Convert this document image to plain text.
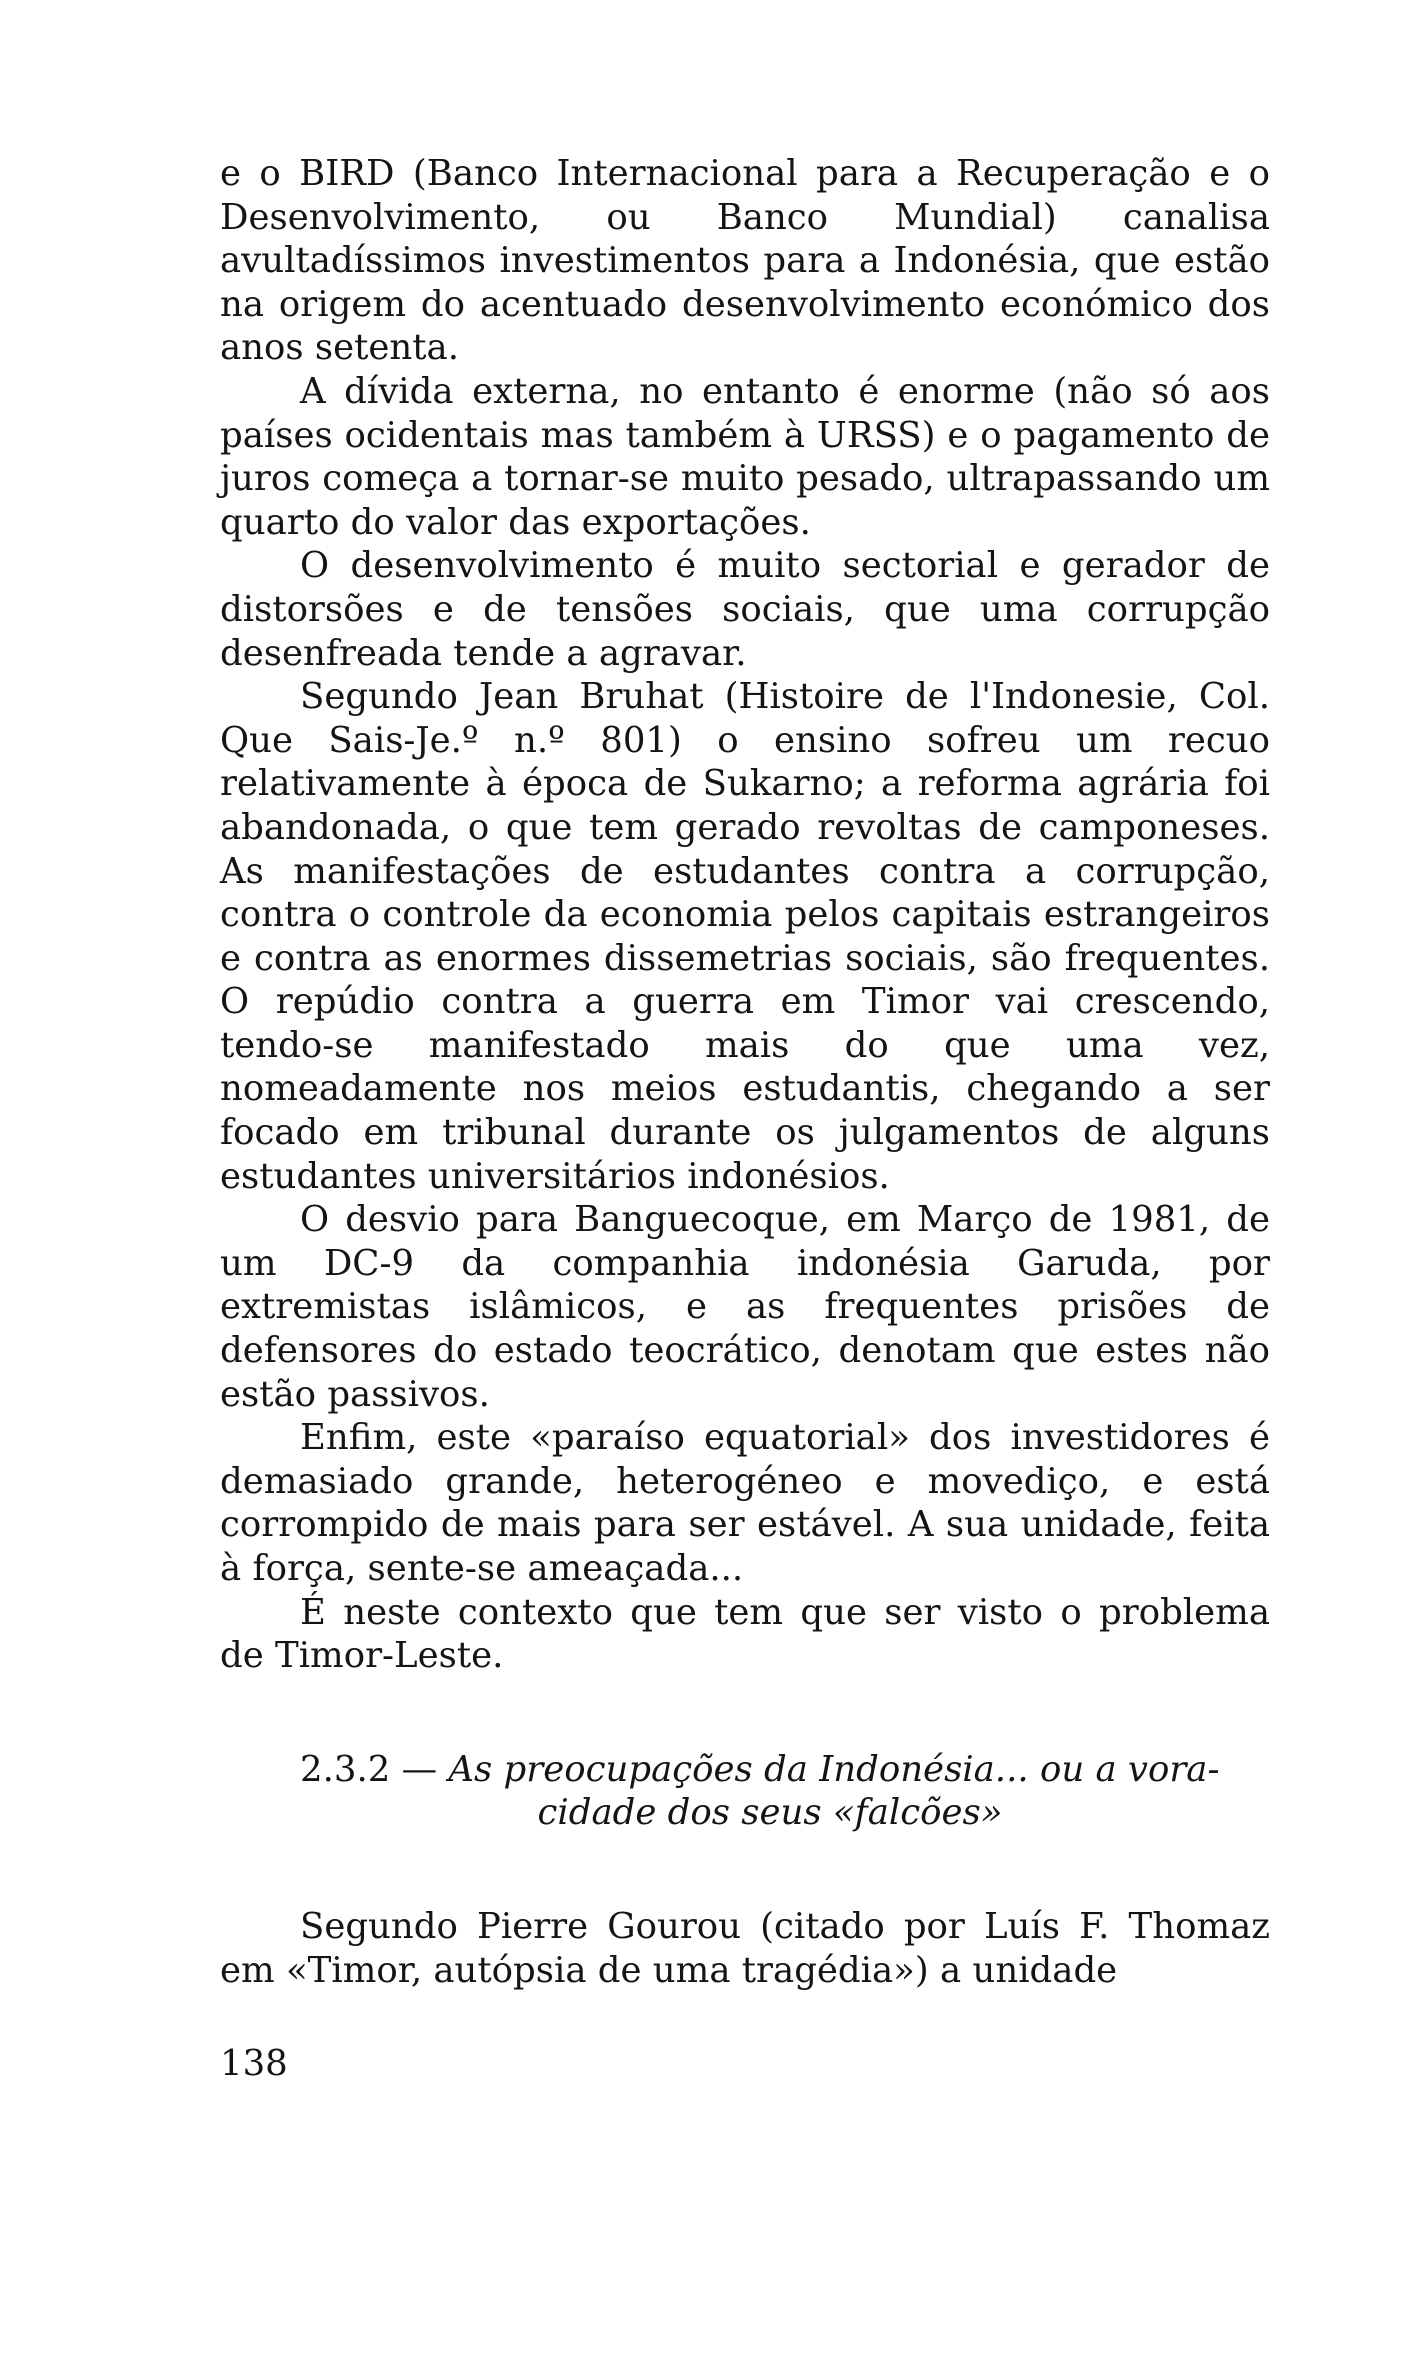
e o BIRD (Banco Internacional para a Recuperação e o Desenvolvimento, ou Banco Mundial) canalisa avultadíssimos investimentos para a Indonésia, que estão na origem do acentuado desenvolvimento económico dos anos setenta.

A dívida externa, no entanto é enorme (não só aos países ocidentais mas também à URSS) e o pagamento de juros começa a tornar-se muito pesado, ultrapassando um quarto do valor das exportações.

O desenvolvimento é muito sectorial e gerador de distorsões e de tensões sociais, que uma corrupção desenfreada tende a agravar.

Segundo Jean Bruhat (Histoire de l'Indonesie, Col. Que Sais-Je.º n.º 801) o ensino sofreu um recuo relativamente à época de Sukarno; a reforma agrária foi abandonada, o que tem gerado revoltas de camponeses. As manifestações de estudantes contra a corrupção, contra o controle da economia pelos capitais estrangeiros e contra as enormes dissemetrias sociais, são frequentes. O repúdio contra a guerra em Timor vai crescendo, tendo-se manifestado mais do que uma vez, nomeadamente nos meios estudantis, chegando a ser focado em tribunal durante os julgamentos de alguns estudantes universitários indonésios.

O desvio para Banguecoque, em Março de 1981, de um DC-9 da companhia indonésia Garuda, por extremistas islâmicos, e as frequentes prisões de defensores do estado teocrático, denotam que estes não estão passivos.

Enfim, este «paraíso equatorial» dos investidores é demasiado grande, heterogéneo e movediço, e está corrompido de mais para ser estável. A sua unidade, feita à força, sente-se ameaçada...

É neste contexto que tem que ser visto o problema de Timor-Leste.

2.3.2 — As preocupações da Indonésia... ou a vora-
cidade dos seus «falcões»

Segundo Pierre Gourou (citado por Luís F. Thomaz em «Timor, autópsia de uma tragédia») a unidade

138
